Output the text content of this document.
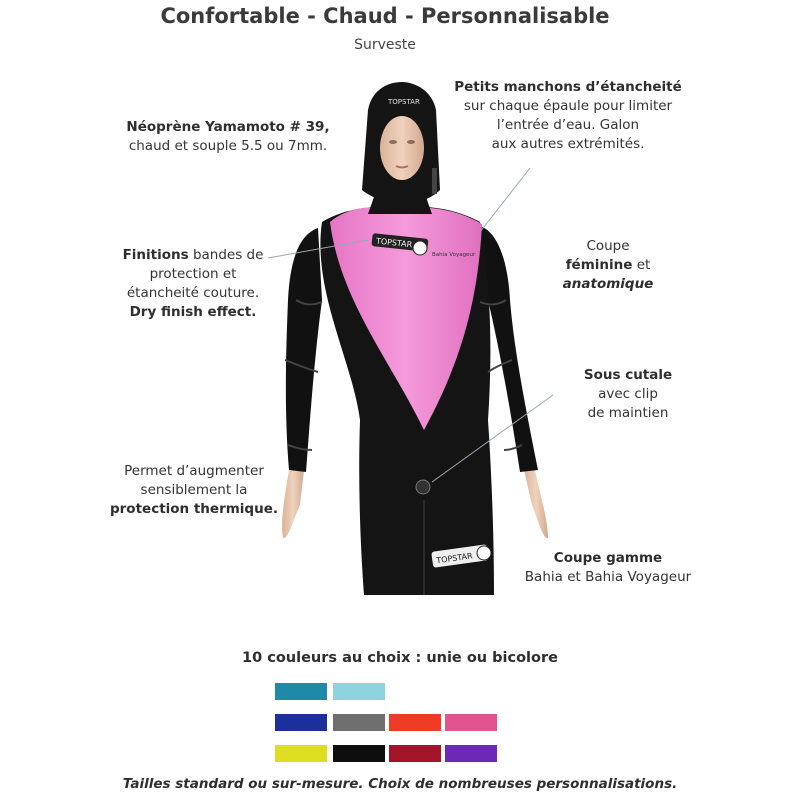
Confortable - Chaud - Personnalisable
Surveste
TOPSTAR
Bahia Voyageur
TOPSTAR
TOPSTAR
Néoprène Yamamoto # 39,
chaud et souple 5.5 ou 7mm.
Petits manchons d’étancheité
sur chaque épaule pour limiter
l’entrée d’eau. Galon
aux autres extrémités.
Finitions bandes de
protection et
étancheité couture.
Dry finish effect.
Coupe
féminine et
anatomique
Sous cutale
avec clip
de maintien
Permet d’augmenter
sensiblement la
protection thermique.
Coupe gamme
Bahia et Bahia Voyageur
10 couleurs au choix : unie ou bicolore
Tailles standard ou sur-mesure. Choix de nombreuses personnalisations.
